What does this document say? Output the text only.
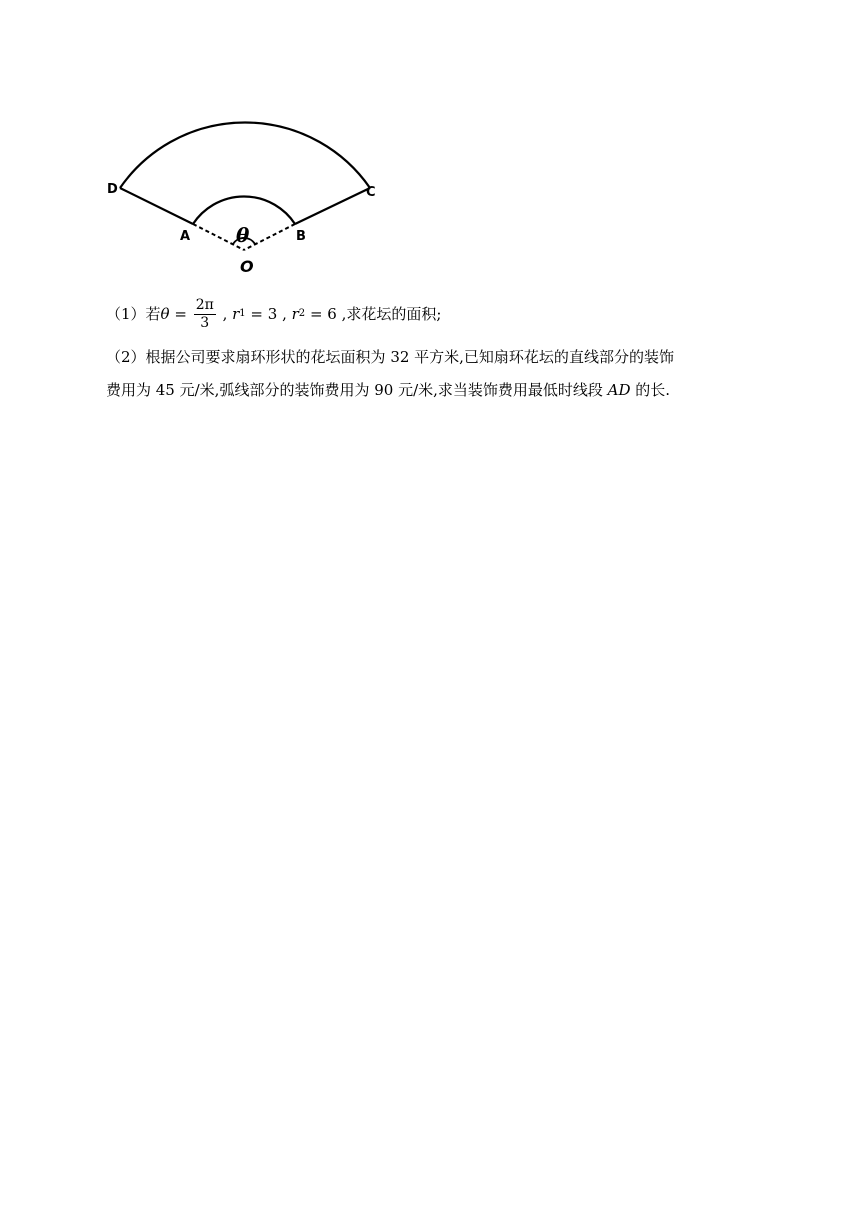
D	C
A	B
θ
O
（1）若 $\theta = \frac{2\pi}{3}$ , r 1 = 3 , r 2 = 6 ,求花坛的面积;
（2）根据公司要求扇环形状的花坛面积为 32 平方米,已知扇环花坛的直线部分的装饰
费用为 45 元/米,弧线部分的装饰费用为 90 元/米,求当装饰费用最低时线段 AD 的长.
